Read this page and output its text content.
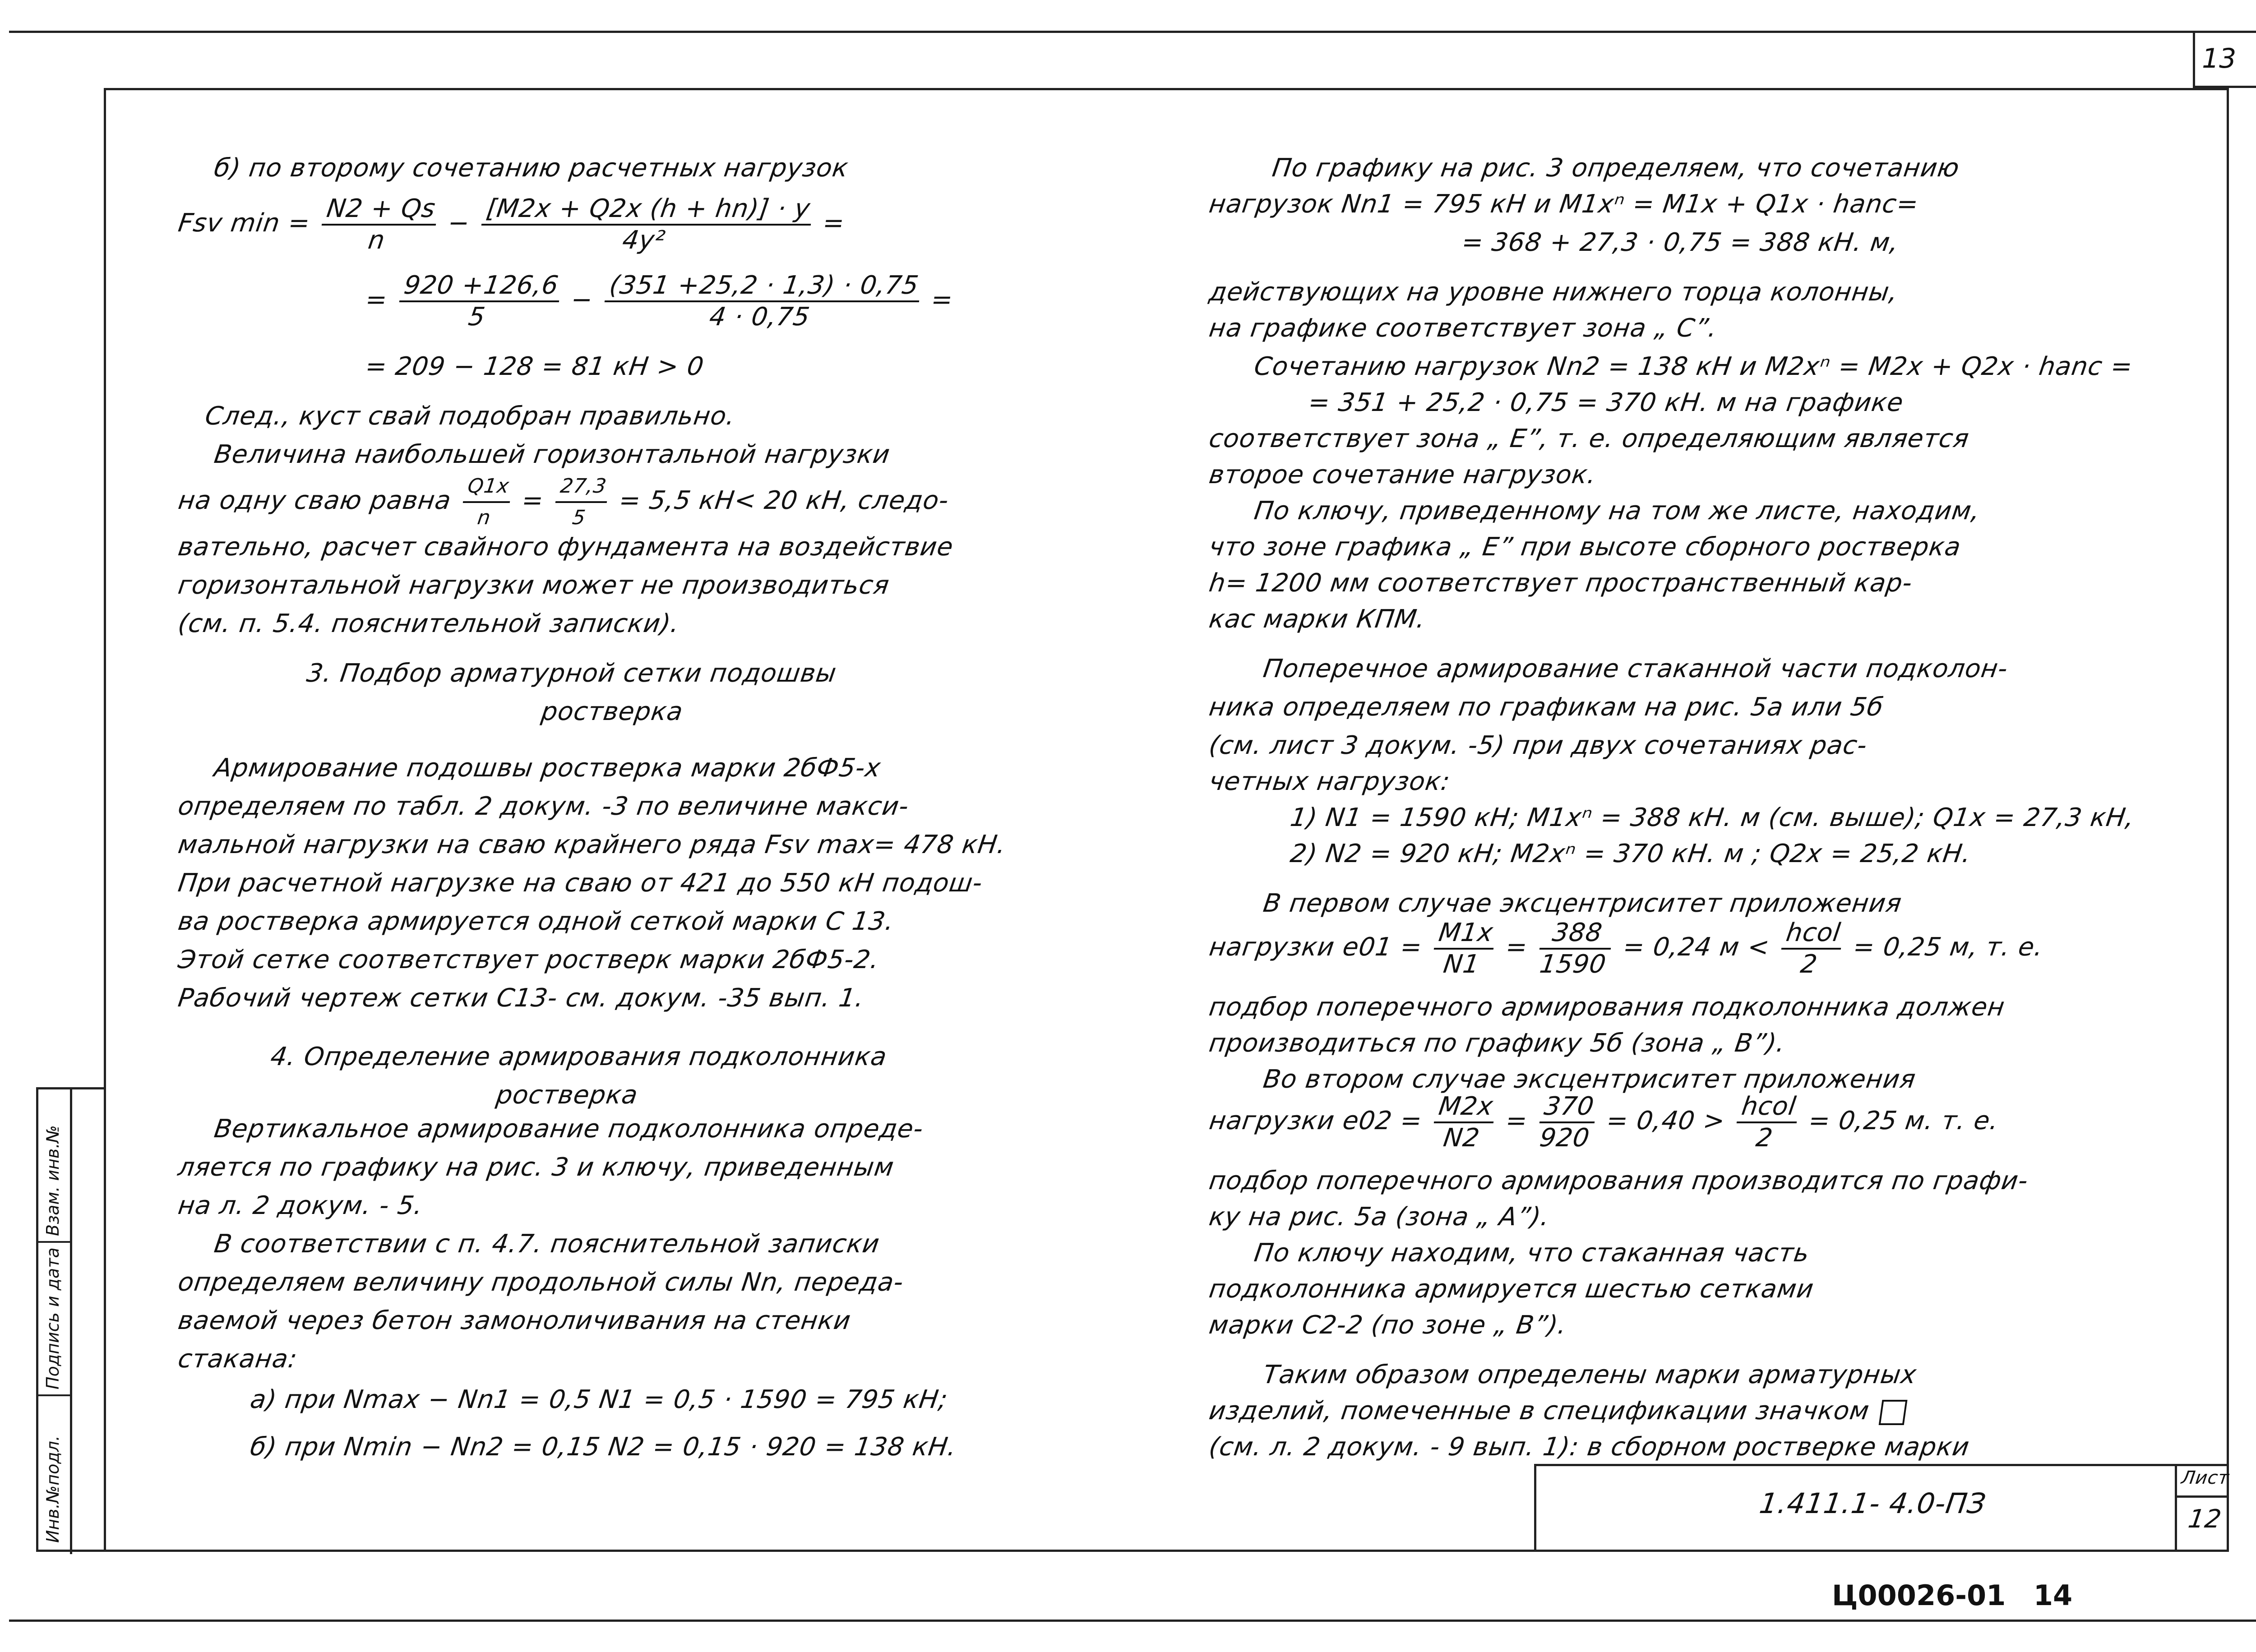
13
Инв.№подл.
Подпись и дата
Взам. инв.№
б) по второму сочетанию расчетных нагрузок
Fsv $\min = \frac{N2 + Qs}{n} - \frac{[M2x + Q2x (h + hn)] \cdot y}{\text{4y²}}$ =
= $\frac{920 +126,6}{5} - \frac{(351 +25,2 \cdot 1,3) \cdot 0,75}{4 \cdot 0,75}$ =
= 209 − 128 = 81 кН > 0
След., куст свай подобран правильно.
Величина наибольшей горизонтальной нагрузки
на одну сваю равна $\frac{Q1x}{n} = \frac{27,3}{5} = 5,5$ кН< 20 кН, следо-
вательно, расчет свайного фундамента на воздействие
горизонтальной нагрузки может не производиться
(см. п. 5.4. пояснительной записки).
3. Подбор арматурной сетки подошвы
ростверка
Армирование подошвы ростверка марки 2бФ5-х
определяем по табл. 2 докум. -3 по величине макси-
мальной нагрузки на сваю крайнего ряда Fsv max= 478 кН.
При расчетной нагрузке на сваю от 421 до 550 кН подош-
ва ростверка армируется одной сеткой марки С 13.
Этой сетке соответствует ростверк марки 2бФ5-2.
Рабочий чертеж сетки С13- см. докум. -35 вып. 1.
4. Определение армирования подколонника
ростверка
Вертикальное армирование подколонника опреде-
ляется по графику на рис. 3 и ключу, приведенным
на л. 2 докум. - 5.
В соответствии с п. 4.7. пояснительной записки
определяем величину продольной силы Nn, переда-
ваемой через бетон замоноличивания на стенки
стакана:
а) при Nmax − Nn1 = 0,5 N1 = 0,5 · 1590 = 795 кН;
б) при Nmin − Nn2 = 0,15 N2 = 0,15 · 920 = 138 кН.
По графику на рис. 3 определяем, что сочетанию
нагрузок Nn1 = 795 кН и M1xⁿ = M1x + Q1x · hanс=
= 368 + 27,3 · 0,75 = 388 кН. м,
действующих на уровне нижнего торца колонны,
на графике соответствует зона „ С”.
Сочетанию нагрузок Nn2 = 138 кН и M2xⁿ = M2x + Q2x · hanс =
= 351 + 25,2 · 0,75 = 370 кН. м на графике
соответствует зона „ Е”, т. е. определяющим является
второе сочетание нагрузок.
По ключу, приведенному на том же листе, находим,
что зоне графика „ Е” при высоте сборного ростверка
h= 1200 мм соответствует пространственный кар-
кас марки КПМ.
Поперечное армирование стаканной части подколон-
ника определяем по графикам на рис. 5а или 5б
(см. лист 3 докум. -5) при двух сочетаниях рас-
четных нагрузок:
1) N1 = 1590 кН; M1xⁿ = 388 кН. м (см. выше); Q1x = 27,3 кН,
2) N2 = 920 кН; M2xⁿ = 370 кН. м ; Q2x = 25,2 кН.
В первом случае эксцентриситет приложения
нагрузки $e01 = \frac{M1x}{N1} = \frac{388}{1590} = 0,24$ $м < \frac{\text{hcol}}{2} = 0,25$ м, т. е.
подбор поперечного армирования подколонника должен
производиться по графику 5б (зона „ В”).
Во втором случае эксцентриситет приложения
нагрузки $e02 = \frac{M2x}{N2} = \frac{370}{920} = 0,40 > \frac{\text{hcol}}{2} = 0,25$ м. т. е.
подбор поперечного армирования производится по графи-
ку на рис. 5а (зона „ А”).
По ключу находим, что стаканная часть
подколонника армируется шестью сетками
марки С2-2 (по зоне „ В”).
Таким образом определены марки арматурных
изделий, помеченные в спецификации значком
(см. л. 2 докум. - 9 вып. 1): в сборном ростверке марки
1.411.1- 4.0-ПЗ
Лист
12
Ц00026-01 14
